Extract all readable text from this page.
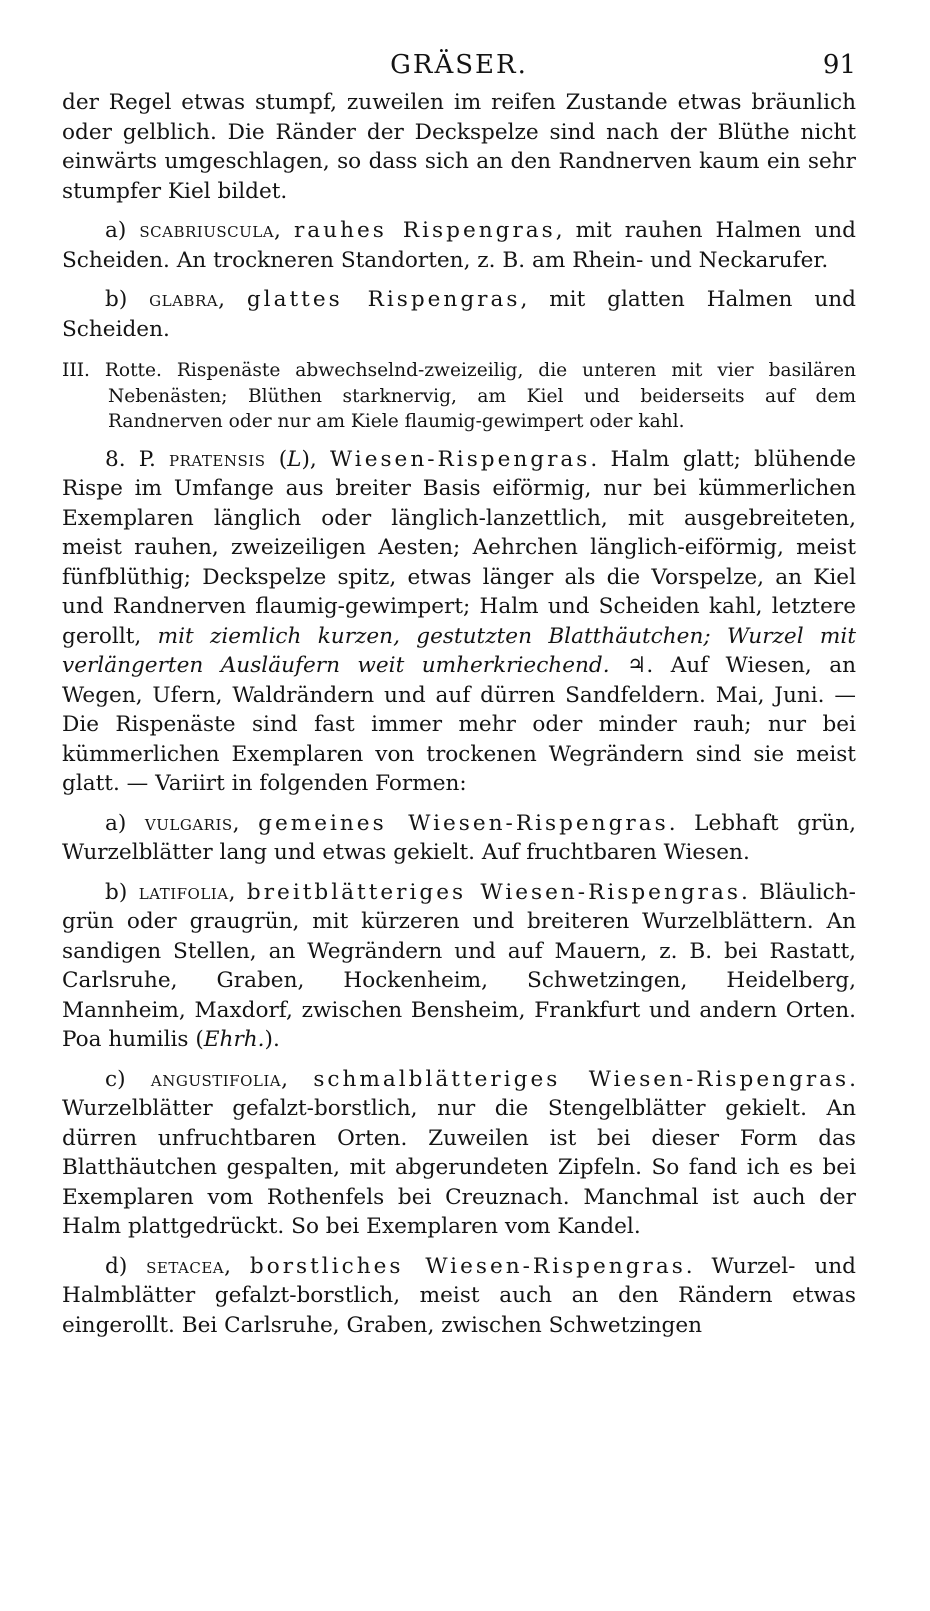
GRÄSER.	91

der Regel etwas stumpf, zuweilen im reifen Zustande etwas bräunlich oder gelblich. Die Ränder der Deckspelze sind nach der Blüthe nicht einwärts umgeschlagen, so dass sich an den Randnerven kaum ein sehr stumpfer Kiel bildet.

a) scabriuscula, rauhes Rispengras, mit rauhen Halmen und Scheiden. An trockneren Standorten, z. B. am Rhein- und Neckarufer.

b) glabra, glattes Rispengras, mit glatten Halmen und Scheiden.

III. Rotte. Rispenäste abwechselnd-zweizeilig, die unteren mit vier basilären Nebenästen; Blüthen starknervig, am Kiel und beiderseits auf dem Randnerven oder nur am Kiele flaumig-gewimpert oder kahl.

8. P. pratensis (L), Wiesen-Rispengras. Halm glatt; blühende Rispe im Umfange aus breiter Basis eiförmig, nur bei kümmerlichen Exemplaren länglich oder länglich-lanzettlich, mit ausgebreiteten, meist rauhen, zweizeiligen Aesten; Aehrchen länglich-eiförmig, meist fünfblüthig; Deckspelze spitz, etwas länger als die Vorspelze, an Kiel und Randnerven flaumig-gewimpert; Halm und Scheiden kahl, letztere gerollt, mit ziemlich kurzen, gestutzten Blatthäutchen; Wurzel mit verlängerten Ausläufern weit umherkriechend. ♃. Auf Wiesen, an Wegen, Ufern, Waldrändern und auf dürren Sandfeldern. Mai, Juni. — Die Rispenäste sind fast immer mehr oder minder rauh; nur bei kümmerlichen Exemplaren von trockenen Wegrändern sind sie meist glatt. — Variirt in folgenden Formen:

a) vulgaris, gemeines Wiesen-Rispengras. Lebhaft grün, Wurzelblätter lang und etwas gekielt. Auf fruchtbaren Wiesen.

b) latifolia, breitblätteriges Wiesen-Rispengras. Bläulich-grün oder graugrün, mit kürzeren und breiteren Wurzelblättern. An sandigen Stellen, an Wegrändern und auf Mauern, z. B. bei Rastatt, Carlsruhe, Graben, Hockenheim, Schwetzingen, Heidelberg, Mannheim, Maxdorf, zwischen Bensheim, Frankfurt und andern Orten. Poa humilis (Ehrh.).

c) angustifolia, schmalblätteriges Wiesen-Rispengras. Wurzelblätter gefalzt-borstlich, nur die Stengelblätter gekielt. An dürren unfruchtbaren Orten. Zuweilen ist bei dieser Form das Blatthäutchen gespalten, mit abgerundeten Zipfeln. So fand ich es bei Exemplaren vom Rothenfels bei Creuznach. Manchmal ist auch der Halm plattgedrückt. So bei Exemplaren vom Kandel.

d) setacea, borstliches Wiesen-Rispengras. Wurzel- und Halmblätter gefalzt-borstlich, meist auch an den Rändern etwas eingerollt. Bei Carlsruhe, Graben, zwischen Schwetzingen
